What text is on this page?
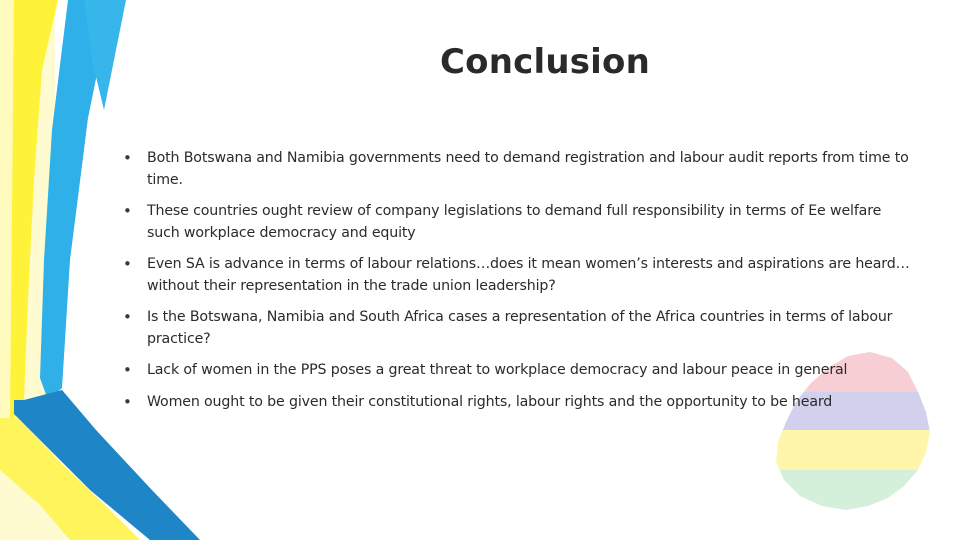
Conclusion
• Both Botswana and Namibia governments need to demand registration and labour audit reports from time to time.
• These countries ought review of company legislations to demand full responsibility in terms of Ee welfare such workplace democracy and equity
• Even SA is advance in terms of labour relations…does it mean women’s interests and aspirations are heard…without their representation in the trade union leadership?
• Is the Botswana, Namibia and South Africa cases a representation of the Africa countries in terms of labour practice?
• Lack of women in the PPS poses a great threat to workplace democracy and labour peace in general
• Women ought to be given their constitutional rights, labour rights and the opportunity to be heard
